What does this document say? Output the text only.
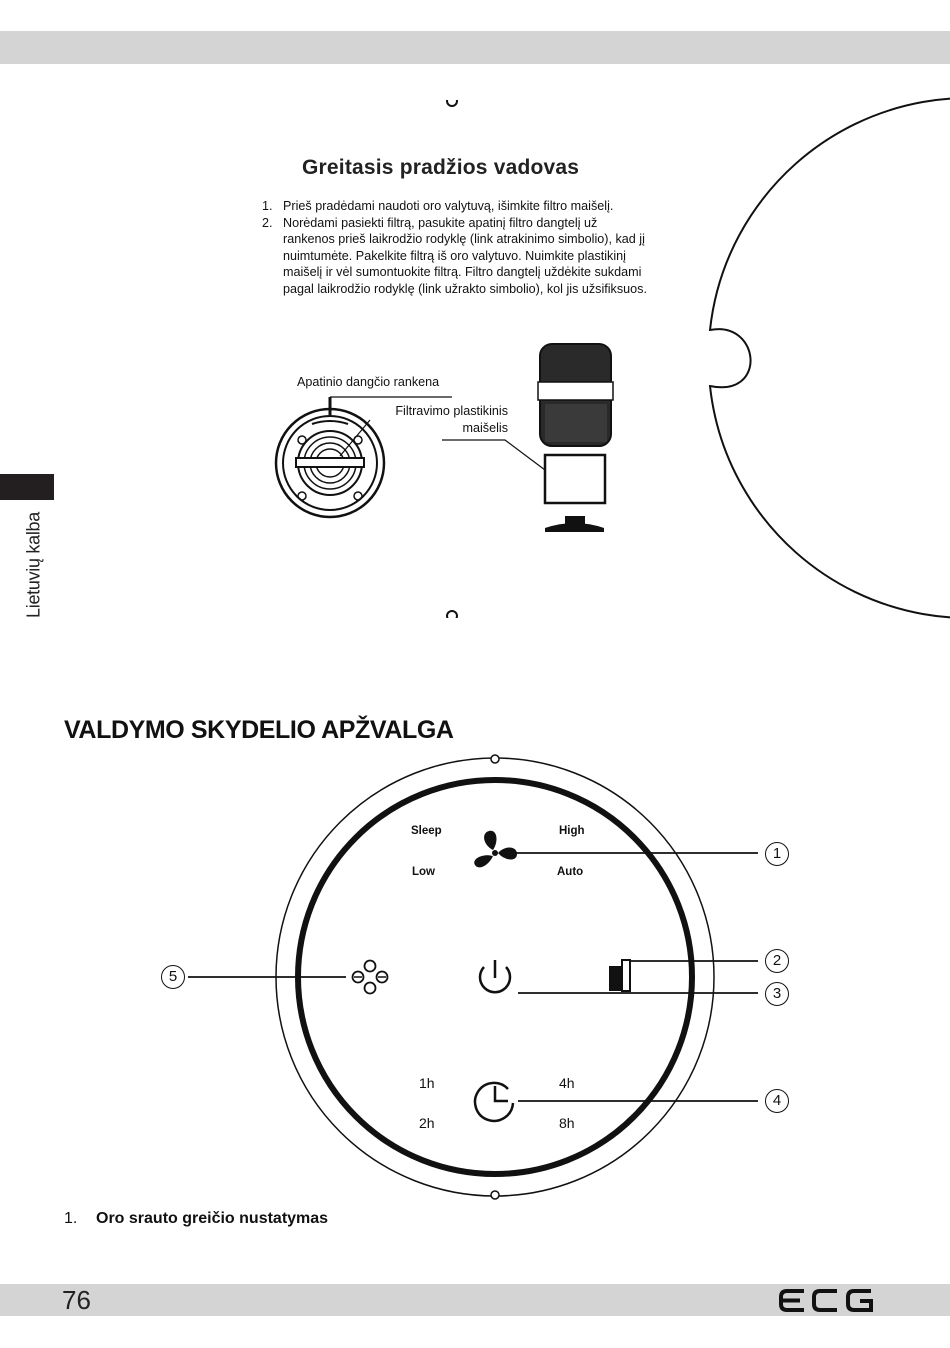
Lietuvių kalba
Greitasis pradžios vadovas
1. Prieš pradėdami naudoti oro valytuvą, išimkite filtro maišelį.
2. Norėdami pasiekti filtrą, pasukite apatinį filtro dangtelį už rankenos prieš laikrodžio rodyklę (link atrakinimo simbolio), kad jį nuimtumėte. Pakelkite filtrą iš oro valytuvo. Nuimkite plastikinį maišelį ir vėl sumontuokite filtrą. Filtro dangtelį uždėkite sukdami pagal laikrodžio rodyklę (link užrakto simbolio), kol jis užsifiksuos.
Apatinio dangčio rankena
Filtravimo plastikinis maišelis
VALDYMO SKYDELIO APŽVALGA
Sleep	High
Low	Auto
1h	4h
2h	8h
1
2
3
4
5
1. Oro srauto greičio nustatymas
76
